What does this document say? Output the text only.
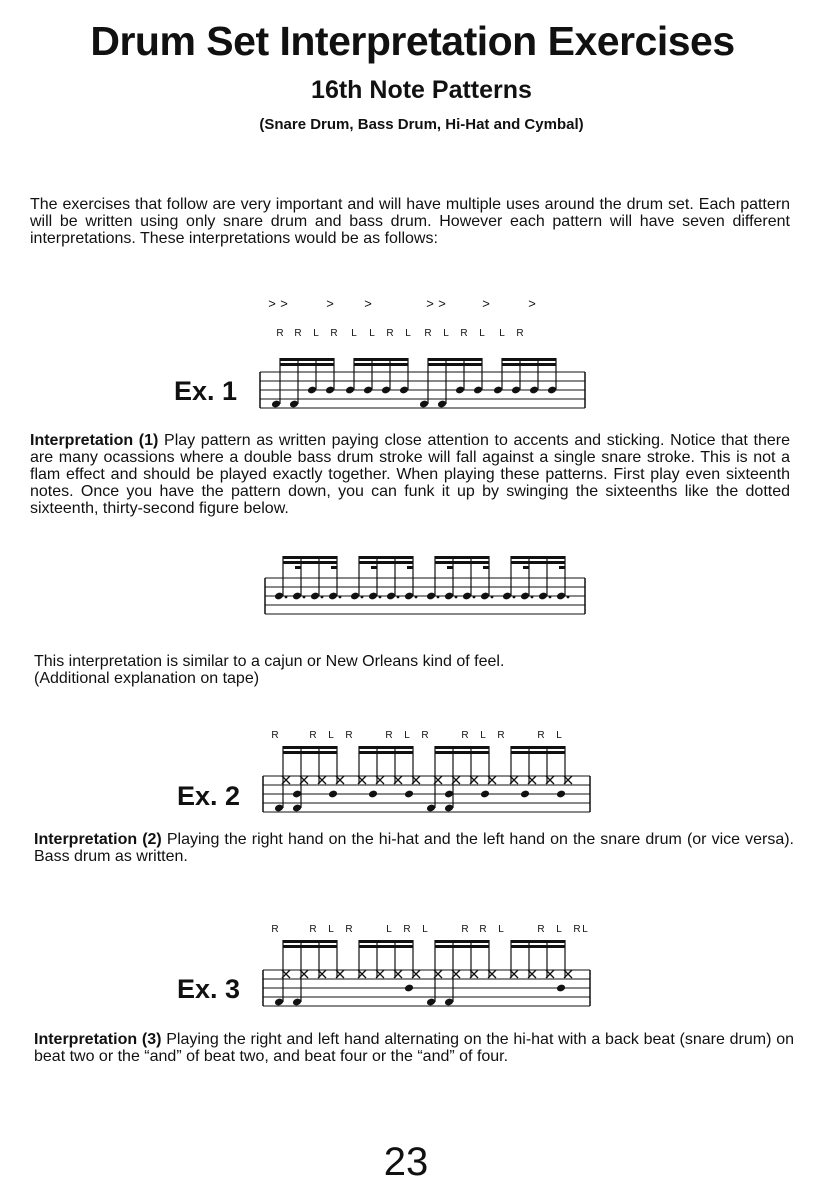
Drum Set Interpretation Exercises
16th Note Patterns
(Snare Drum, Bass Drum, Hi-Hat and Cymbal)
The exercises that follow are very important and will have multiple uses around the drum set. Each pattern will be written using only snare drum and bass drum. However each pattern will have seven different interpretations. These interpretations would be as follows:
Ex. 1
R R L R L L R L R L R L L R
> >	> >	> >	>	>
Interpretation (1) Play pattern as written paying close attention to accents and sticking. Notice that there are many ocassions where a double bass drum stroke will fall against a single snare stroke. This is not a flam effect and should be played exactly together. When playing these patterns. First play even sixteenth notes. Once you have the pattern down, you can funk it up by swinging the sixteenths like the dotted sixteenth, thirty-second figure below.
This interpretation is similar to a cajun or New Orleans kind of feel.
(Additional explanation on tape)
Ex. 2
R	R L R	R L R	R L R	R L
Interpretation (2) Playing the right hand on the hi-hat and the left hand on the snare drum (or vice versa). Bass drum as written.
Ex. 3
R	R L R	L R L	R R L	R L R L
Interpretation (3) Playing the right and left hand alternating on the hi-hat with a back beat (snare drum) on beat two or the “and” of beat two, and beat four or the “and” of four.
23
